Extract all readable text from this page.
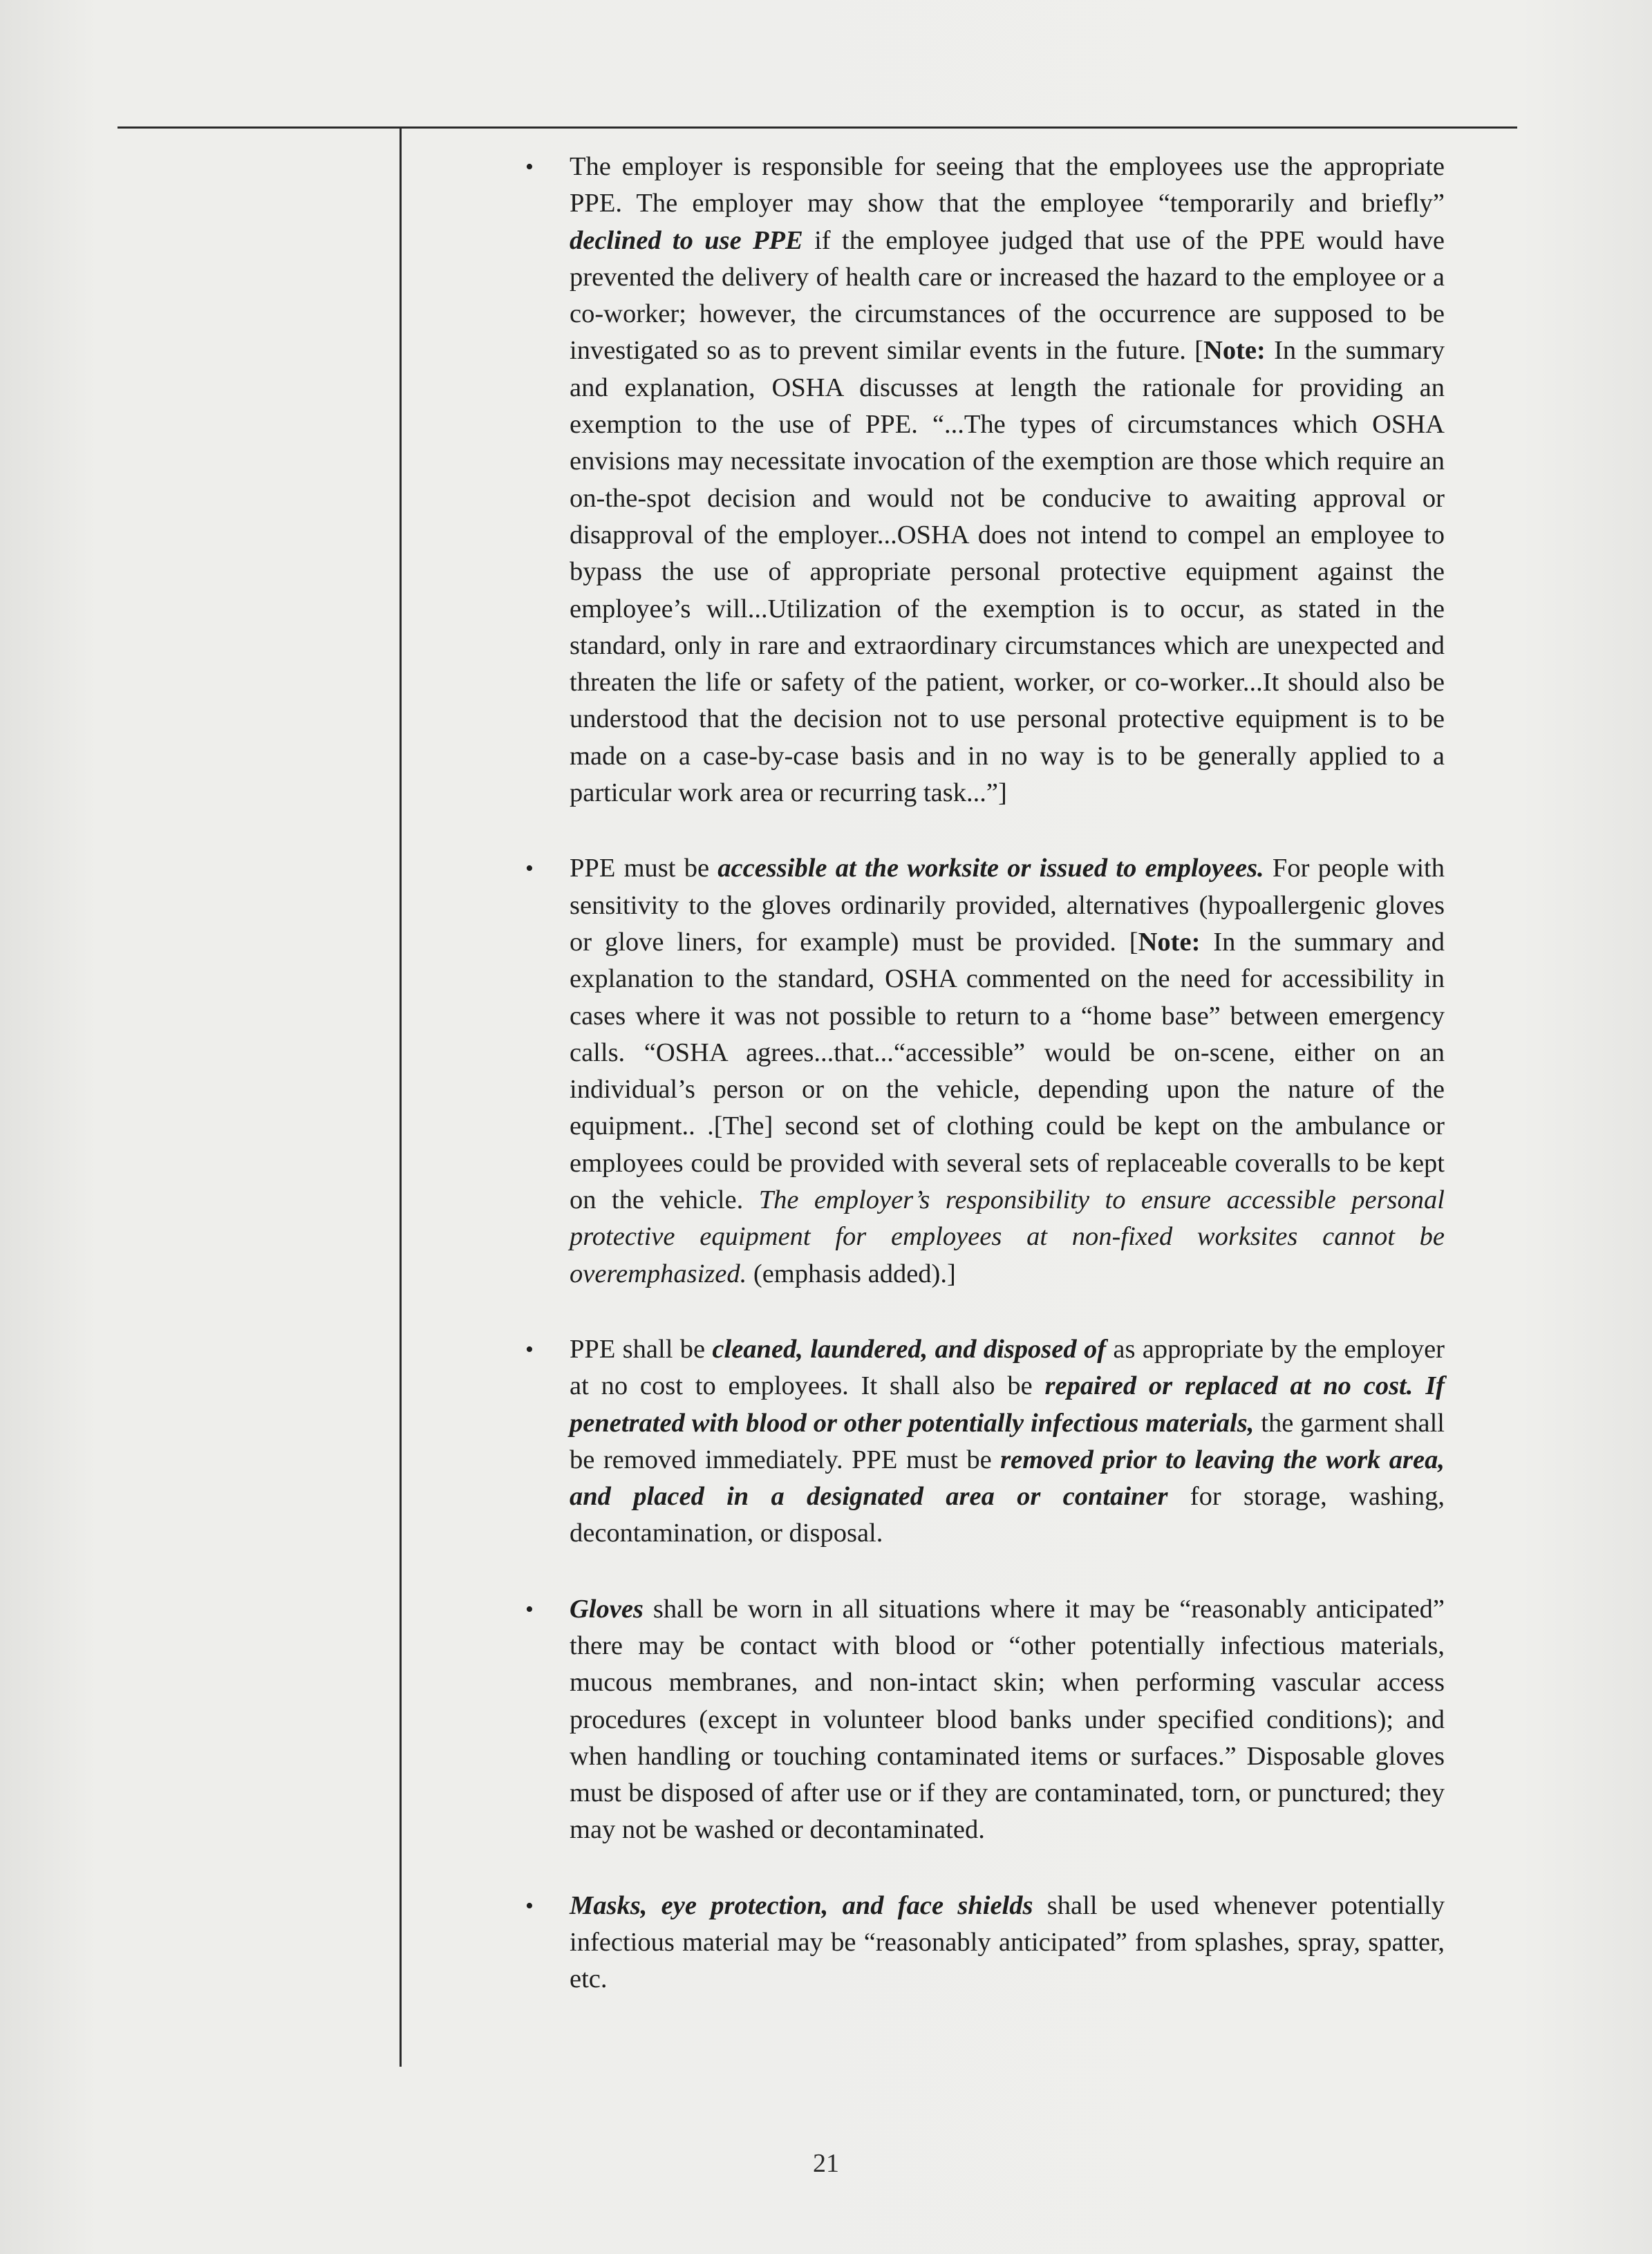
• The employer is responsible for seeing that the employees use the appropriate PPE. The employer may show that the employee “temporarily and briefly” declined to use PPE if the employee judged that use of the PPE would have prevented the delivery of health care or increased the hazard to the employee or a co-worker; however, the circumstances of the occurrence are supposed to be investigated so as to prevent similar events in the future. [Note: In the summary and explanation, OSHA discusses at length the rationale for providing an exemption to the use of PPE. “...The types of circumstances which OSHA envisions may necessitate invocation of the exemption are those which require an on-the-spot decision and would not be conducive to awaiting approval or disapproval of the employer...OSHA does not intend to compel an employee to bypass the use of appropriate personal protective equipment against the employee’s will...Utilization of the exemption is to occur, as stated in the standard, only in rare and extraordinary circumstances which are unexpected and threaten the life or safety of the patient, worker, or co-worker...It should also be understood that the decision not to use personal protective equipment is to be made on a case-by-case basis and in no way is to be generally applied to a particular work area or recurring task...”]

• PPE must be accessible at the worksite or issued to employees. For people with sensitivity to the gloves ordinarily provided, alternatives (hypoallergenic gloves or glove liners, for example) must be provided. [Note: In the summary and explanation to the standard, OSHA commented on the need for accessibility in cases where it was not possible to return to a “home base” between emergency calls. “OSHA agrees...that...“accessible” would be on-scene, either on an individual’s person or on the vehicle, depending upon the nature of the equipment.. .[The] second set of clothing could be kept on the ambulance or employees could be provided with several sets of replaceable coveralls to be kept on the vehicle. The employer’s responsibility to ensure accessible personal protective equipment for employees at non-fixed worksites cannot be overemphasized. (emphasis added).]

• PPE shall be cleaned, laundered, and disposed of as appropriate by the employer at no cost to employees. It shall also be repaired or replaced at no cost. If penetrated with blood or other potentially infectious materials, the garment shall be removed immediately. PPE must be removed prior to leaving the work area, and placed in a designated area or container for storage, washing, decontamination, or disposal.

• Gloves shall be worn in all situations where it may be “reasonably anticipated” there may be contact with blood or “other potentially infectious materials, mucous membranes, and non-intact skin; when performing vascular access procedures (except in volunteer blood banks under specified conditions); and when handling or touching contaminated items or surfaces.” Disposable gloves must be disposed of after use or if they are contaminated, torn, or punctured; they may not be washed or decontaminated.

• Masks, eye protection, and face shields shall be used whenever potentially infectious material may be “reasonably anticipated” from splashes, spray, spatter, etc.

21
